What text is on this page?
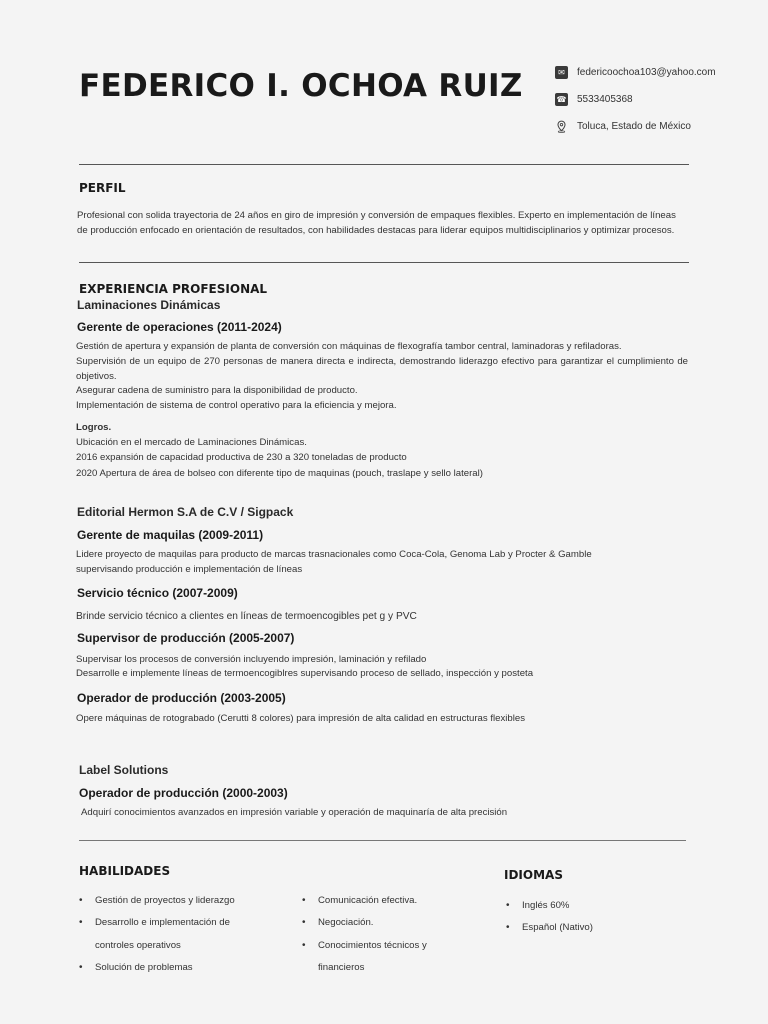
FEDERICO I. OCHOA RUIZ	✉	federicoochoa103@yahoo.com
☎ 5533405368
Toluca, Estado de México
PERFIL
Profesional con solida trayectoria de 24 años en giro de impresión y conversión de empaques flexibles. Experto en implementación de líneas de producción enfocado en orientación de resultados, con habilidades destacas para liderar equipos multidisciplinarios y optimizar procesos.
EXPERIENCIA PROFESIONAL
Laminaciones Dinámicas
Gerente de operaciones (2011-2024)
Gestión de apertura y expansión de planta de conversión con máquinas de flexografía tambor central, laminadoras y refiladoras.
Supervisión de un equipo de 270 personas de manera directa e indirecta, demostrando liderazgo efectivo para garantizar el cumplimiento de objetivos.
Asegurar cadena de suministro para la disponibilidad de producto.
Implementación de sistema de control operativo para la eficiencia y mejora.
Logros.
Ubicación en el mercado de Laminaciones Dinámicas.
2016 expansión de capacidad productiva de 230 a 320 toneladas de producto
2020 Apertura de área de bolseo con diferente tipo de maquinas (pouch, traslape y sello lateral)
Editorial Hermon S.A de C.V / Sigpack
Gerente de maquilas (2009-2011)
Lidere proyecto de maquilas para producto de marcas trasnacionales como Coca-Cola, Genoma Lab y Procter & Gamble
supervisando producción e implementación de líneas
Servicio técnico (2007-2009)
Brinde servicio técnico a clientes en líneas de termoencogibles pet g y PVC
Supervisor de producción (2005-2007)
Supervisar los procesos de conversión incluyendo impresión, laminación y refilado
Desarrolle e implemente líneas de termoencogiblres supervisando proceso de sellado, inspección y posteta
Operador de producción (2003-2005)
Opere máquinas de rotograbado (Cerutti 8 colores) para impresión de alta calidad en estructuras flexibles
Label Solutions
Operador de producción (2000-2003)
Adquirí conocimientos avanzados en impresión variable y operación de maquinaría de alta precisión
HABILIDADES
• Gestión de proyectos y liderazgo
• Desarrollo e implementación de
controles operativos
• Solución de problemas
• Comunicación efectiva.
• Negociación.
• Conocimientos técnicos y
financieros
IDIOMAS
• Inglés 60%
• Español (Nativo)
